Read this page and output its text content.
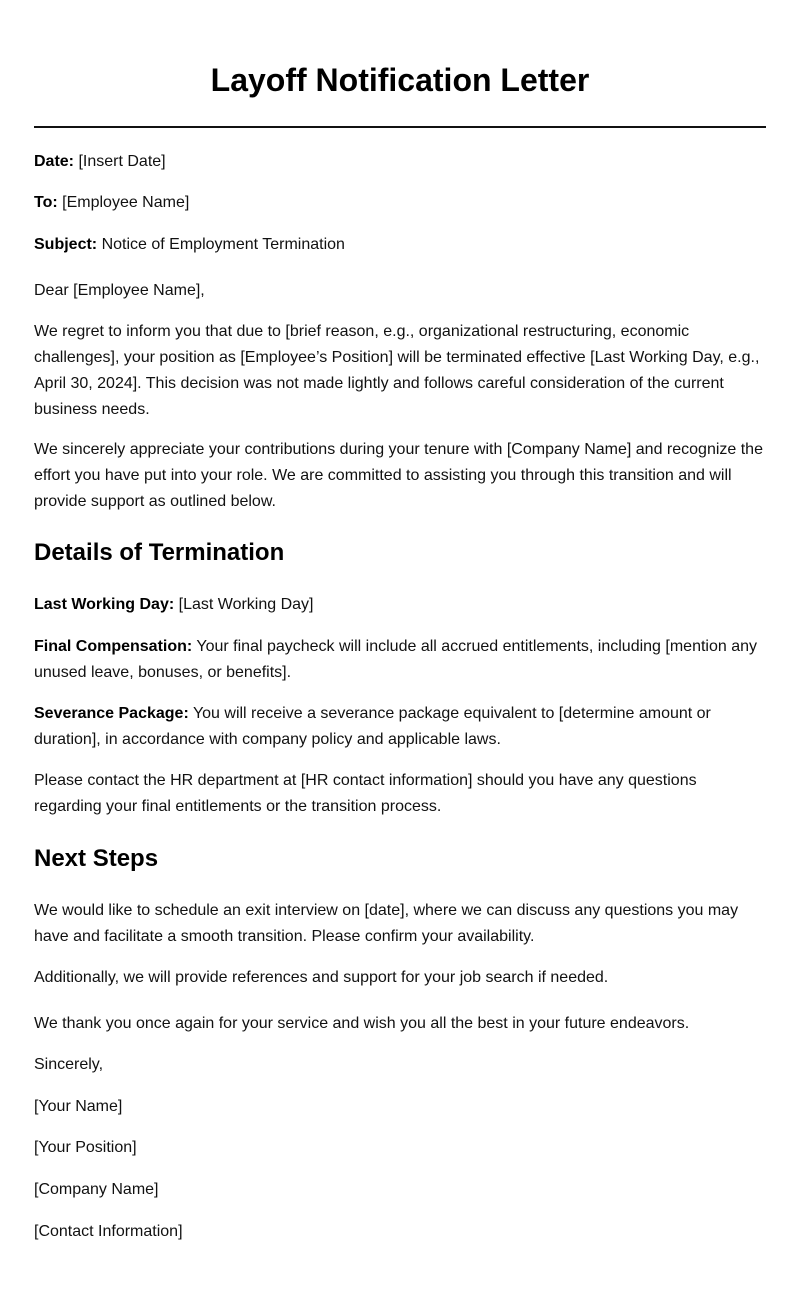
Layoff Notification Letter

Date: [Insert Date]

To: [Employee Name]

Subject: Notice of Employment Termination

Dear [Employee Name],

We regret to inform you that due to [brief reason, e.g., organizational restructuring, economic challenges], your position as [Employee’s Position] will be terminated effective [Last Working Day, e.g., April 30, 2024]. This decision was not made lightly and follows careful consideration of the current business needs.

We sincerely appreciate your contributions during your tenure with [Company Name] and recognize the effort you have put into your role. We are committed to assisting you through this transition and will provide support as outlined below.

Details of Termination

Last Working Day: [Last Working Day]

Final Compensation: Your final paycheck will include all accrued entitlements, including [mention any unused leave, bonuses, or benefits].

Severance Package: You will receive a severance package equivalent to [determine amount or duration], in accordance with company policy and applicable laws.

Please contact the HR department at [HR contact information] should you have any questions regarding your final entitlements or the transition process.

Next Steps

We would like to schedule an exit interview on [date], where we can discuss any questions you may have and facilitate a smooth transition. Please confirm your availability.

Additionally, we will provide references and support for your job search if needed.

We thank you once again for your service and wish you all the best in your future endeavors.

Sincerely,

[Your Name]

[Your Position]

[Company Name]

[Contact Information]
